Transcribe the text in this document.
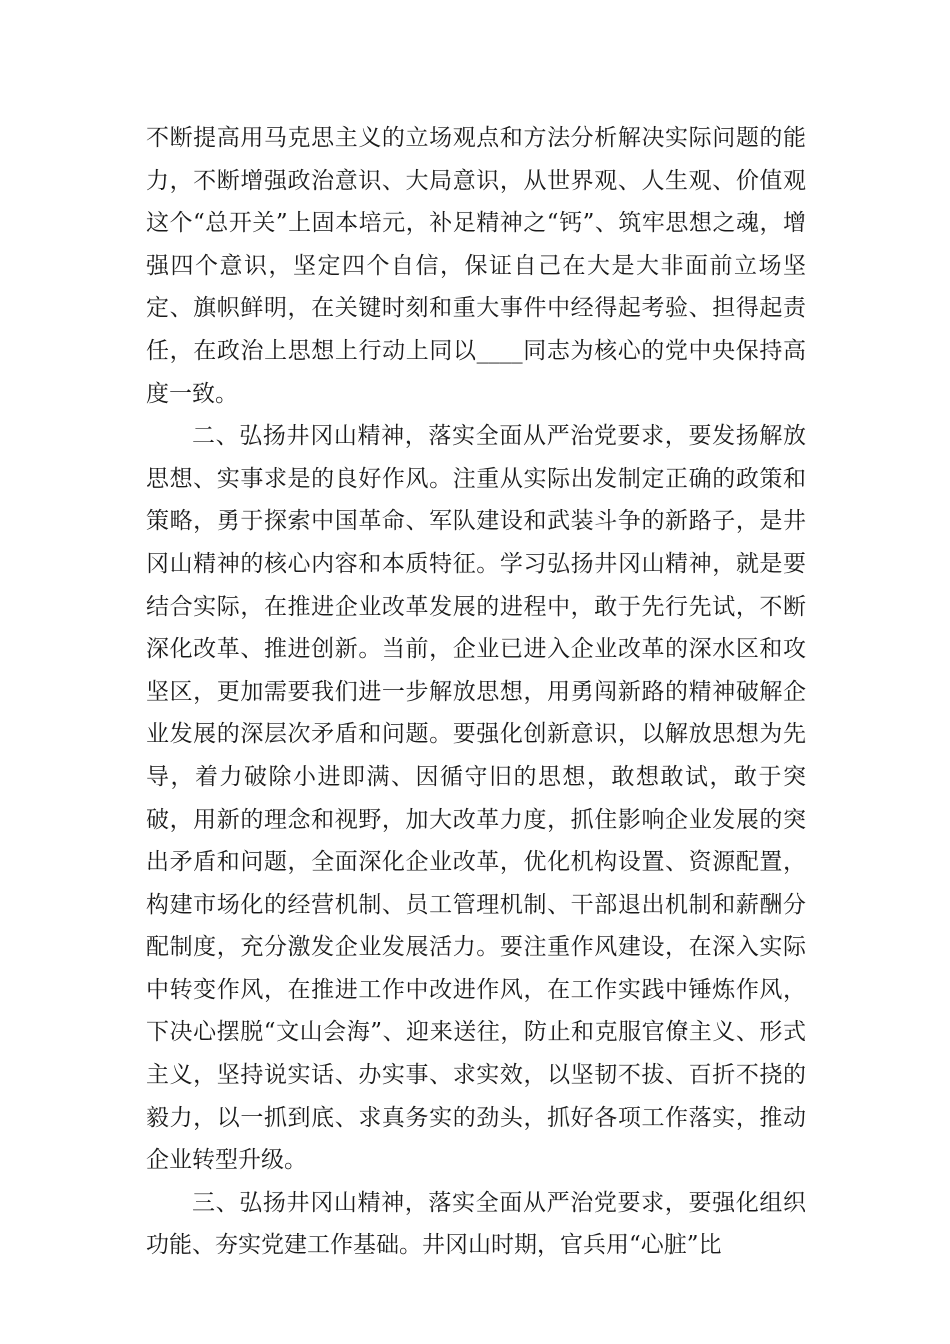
不断提高用马克思主义的立场观点和方法分析解决实际问题的能力，不断增强政治意识、大局意识，从世界观、人生观、价值观这个“总开关”上固本培元，补足精神之“钙”、筑牢思想之魂，增强四个意识，坚定四个自信，保证自己在大是大非面前立场坚定、旗帜鲜明，在关键时刻和重大事件中经得起考验、担得起责任，在政治上思想上行动上同以____同志为核心的党中央保持高度一致。

二、弘扬井冈山精神，落实全面从严治党要求，要发扬解放思想、实事求是的良好作风。注重从实际出发制定正确的政策和策略，勇于探索中国革命、军队建设和武装斗争的新路子，是井冈山精神的核心内容和本质特征。学习弘扬井冈山精神，就是要结合实际，在推进企业改革发展的进程中，敢于先行先试，不断深化改革、推进创新。当前，企业已进入企业改革的深水区和攻坚区，更加需要我们进一步解放思想，用勇闯新路的精神破解企业发展的深层次矛盾和问题。要强化创新意识，以解放思想为先导，着力破除小进即满、因循守旧的思想，敢想敢试，敢于突破，用新的理念和视野，加大改革力度，抓住影响企业发展的突出矛盾和问题，全面深化企业改革，优化机构设置、资源配置，构建市场化的经营机制、员工管理机制、干部退出机制和薪酬分配制度，充分激发企业发展活力。要注重作风建设，在深入实际中转变作风，在推进工作中改进作风，在工作实践中锤炼作风，下决心摆脱“文山会海”、迎来送往，防止和克服官僚主义、形式主义，坚持说实话、办实事、求实效，以坚韧不拔、百折不挠的毅力，以一抓到底、求真务实的劲头，抓好各项工作落实，推动企业转型升级。

三、弘扬井冈山精神，落实全面从严治党要求，要强化组织功能、夯实党建工作基础。井冈山时期，官兵用“心脏”比
